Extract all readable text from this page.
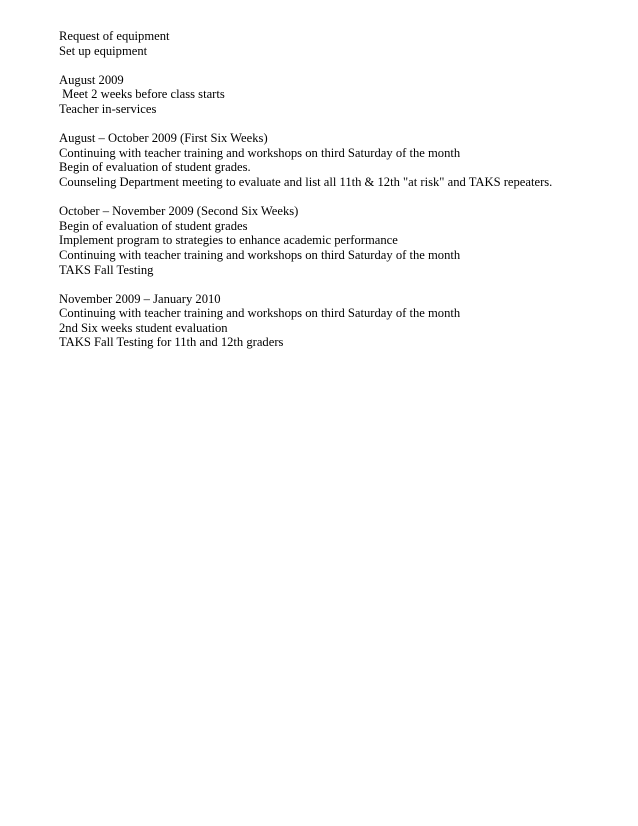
Request of equipment
Set up equipment
August 2009
Meet 2 weeks before class starts
Teacher in-services
August – October 2009 (First Six Weeks)
Continuing with teacher training and workshops on third Saturday of the month
Begin of evaluation of student grades.
Counseling Department meeting to evaluate and list all 11th & 12th "at risk" and TAKS repeaters.
October – November 2009 (Second Six Weeks)
Begin of evaluation of student grades
Implement program to strategies to enhance academic performance
Continuing with teacher training and workshops on third Saturday of the month
TAKS Fall Testing
November 2009 – January 2010
Continuing with teacher training and workshops on third Saturday of the month
2nd Six weeks student evaluation
TAKS Fall Testing for 11th and 12th graders
